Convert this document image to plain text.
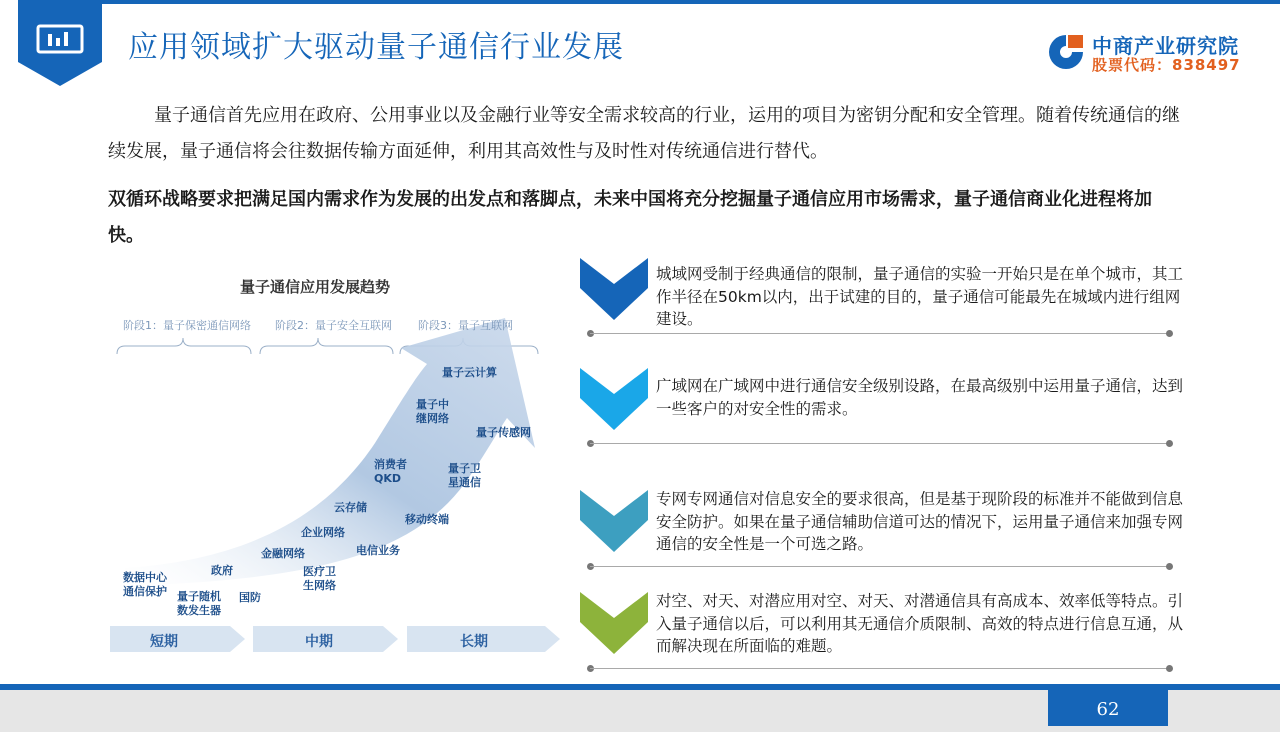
应用领域扩大驱动量子通信行业发展	中商产业研究院
股票代码：838497
量子通信首先应用在政府、公用事业以及金融行业等安全需求较高的行业，运用的项目为密钥分配和安全管理。随着传统通信的继续发展，量子通信将会往数据传输方面延伸，利用其高效性与及时性对传统通信进行替代。
双循环战略要求把满足国内需求作为发展的出发点和落脚点，未来中国将充分挖掘量子通信应用市场需求，量子通信商业化进程将加快。
量子通信应用发展趋势
阶段1：量子保密通信网络 阶段2：量子安全互联网 阶段3：量子互联网
数据中心
通信保护 量子随机
数发生器
政府
国防
金融网络
医疗卫
生网络
企业网络
电信业务
云存储
移动终端
消费者
QKD
量子卫
星通信
量子中
继网络
量子传感网
量子云计算
短期	中期	长期
城域网受制于经典通信的限制，量子通信的实验一开始只是在单个城市，其工作半径在50km以内，出于试建的目的，量子通信可能最先在城域内进行组网建设。
广域网在广域网中进行通信安全级别设路，在最高级别中运用量子通信，达到一些客户的对安全性的需求。
专网专网通信对信息安全的要求很高，但是基于现阶段的标准并不能做到信息安全防护。如果在量子通信辅助信道可达的情况下，运用量子通信来加强专网通信的安全性是一个可选之路。
对空、对天、对潜应用对空、对天、对潜通信具有高成本、效率低等特点。引入量子通信以后，可以利用其无通信介质限制、高效的特点进行信息互通，从而解决现在所面临的难题。
62
